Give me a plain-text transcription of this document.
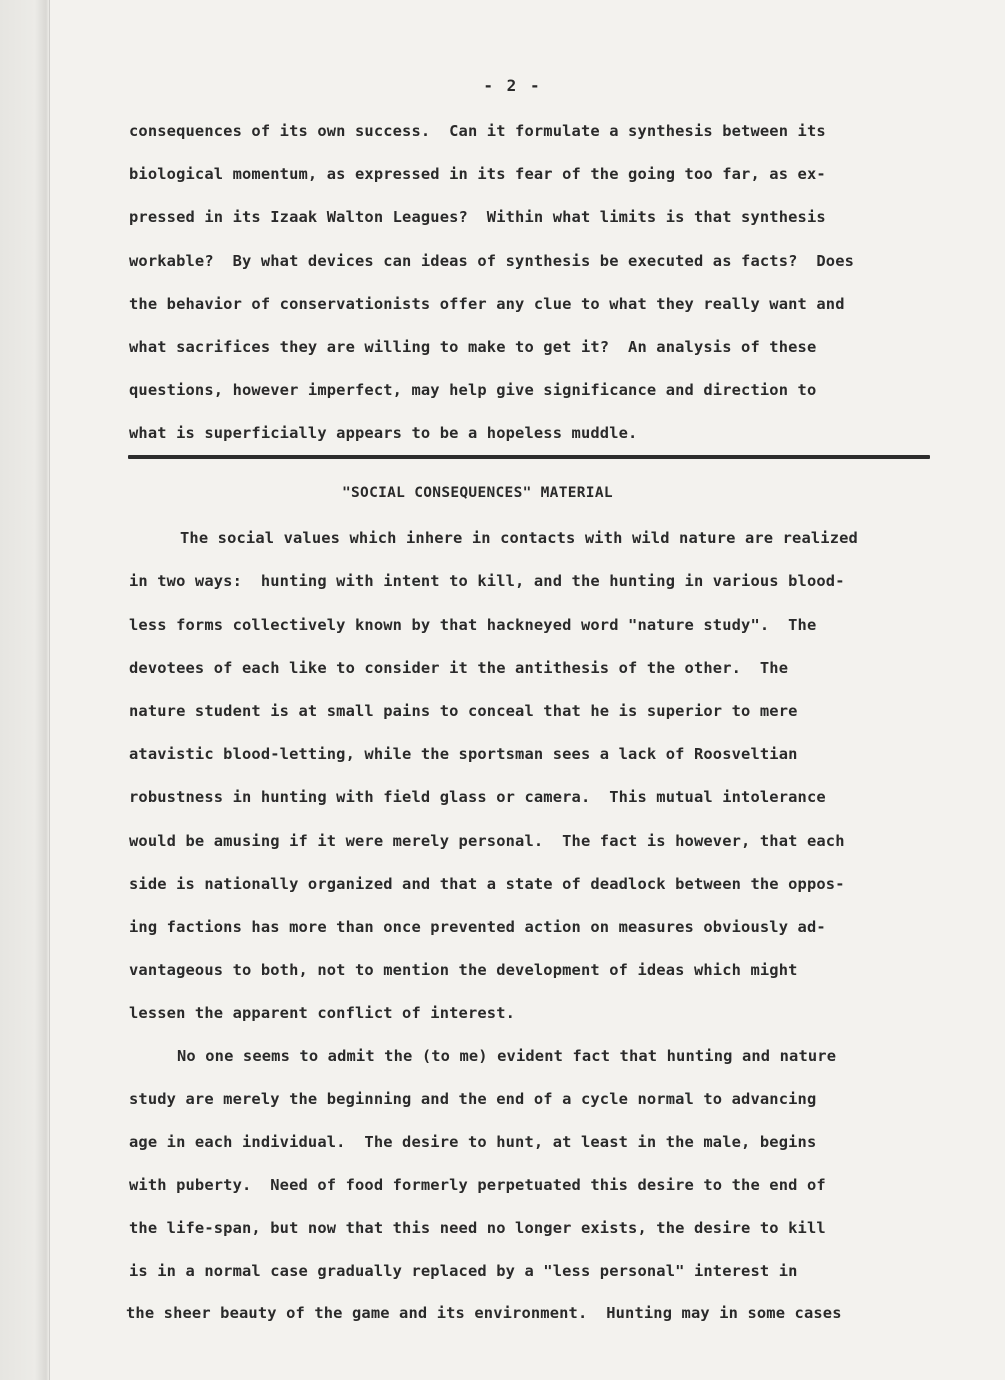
- 2 -
consequences of its own success.  Can it formulate a synthesis between its
biological momentum, as expressed in its fear of the going too far, as ex-
pressed in its Izaak Walton Leagues?  Within what limits is that synthesis
workable?  By what devices can ideas of synthesis be executed as facts?  Does
the behavior of conservationists offer any clue to what they really want and
what sacrifices they are willing to make to get it?  An analysis of these
questions, however imperfect, may help give significance and direction to
what is superficially appears to be a hopeless muddle.
"SOCIAL CONSEQUENCES" MATERIAL
The social values which inhere in contacts with wild nature are realized
in two ways:  hunting with intent to kill, and the hunting in various blood-
less forms collectively known by that hackneyed word "nature study".  The
devotees of each like to consider it the antithesis of the other.  The
nature student is at small pains to conceal that he is superior to mere
atavistic blood-letting, while the sportsman sees a lack of Roosveltian
robustness in hunting with field glass or camera.  This mutual intolerance
would be amusing if it were merely personal.  The fact is however, that each
side is nationally organized and that a state of deadlock between the oppos-
ing factions has more than once prevented action on measures obviously ad-
vantageous to both, not to mention the development of ideas which might
lessen the apparent conflict of interest.
No one seems to admit the (to me) evident fact that hunting and nature
study are merely the beginning and the end of a cycle normal to advancing
age in each individual.  The desire to hunt, at least in the male, begins
with puberty.  Need of food formerly perpetuated this desire to the end of
the life-span, but now that this need no longer exists, the desire to kill
is in a normal case gradually replaced by a "less personal" interest in
the sheer beauty of the game and its environment.  Hunting may in some cases
